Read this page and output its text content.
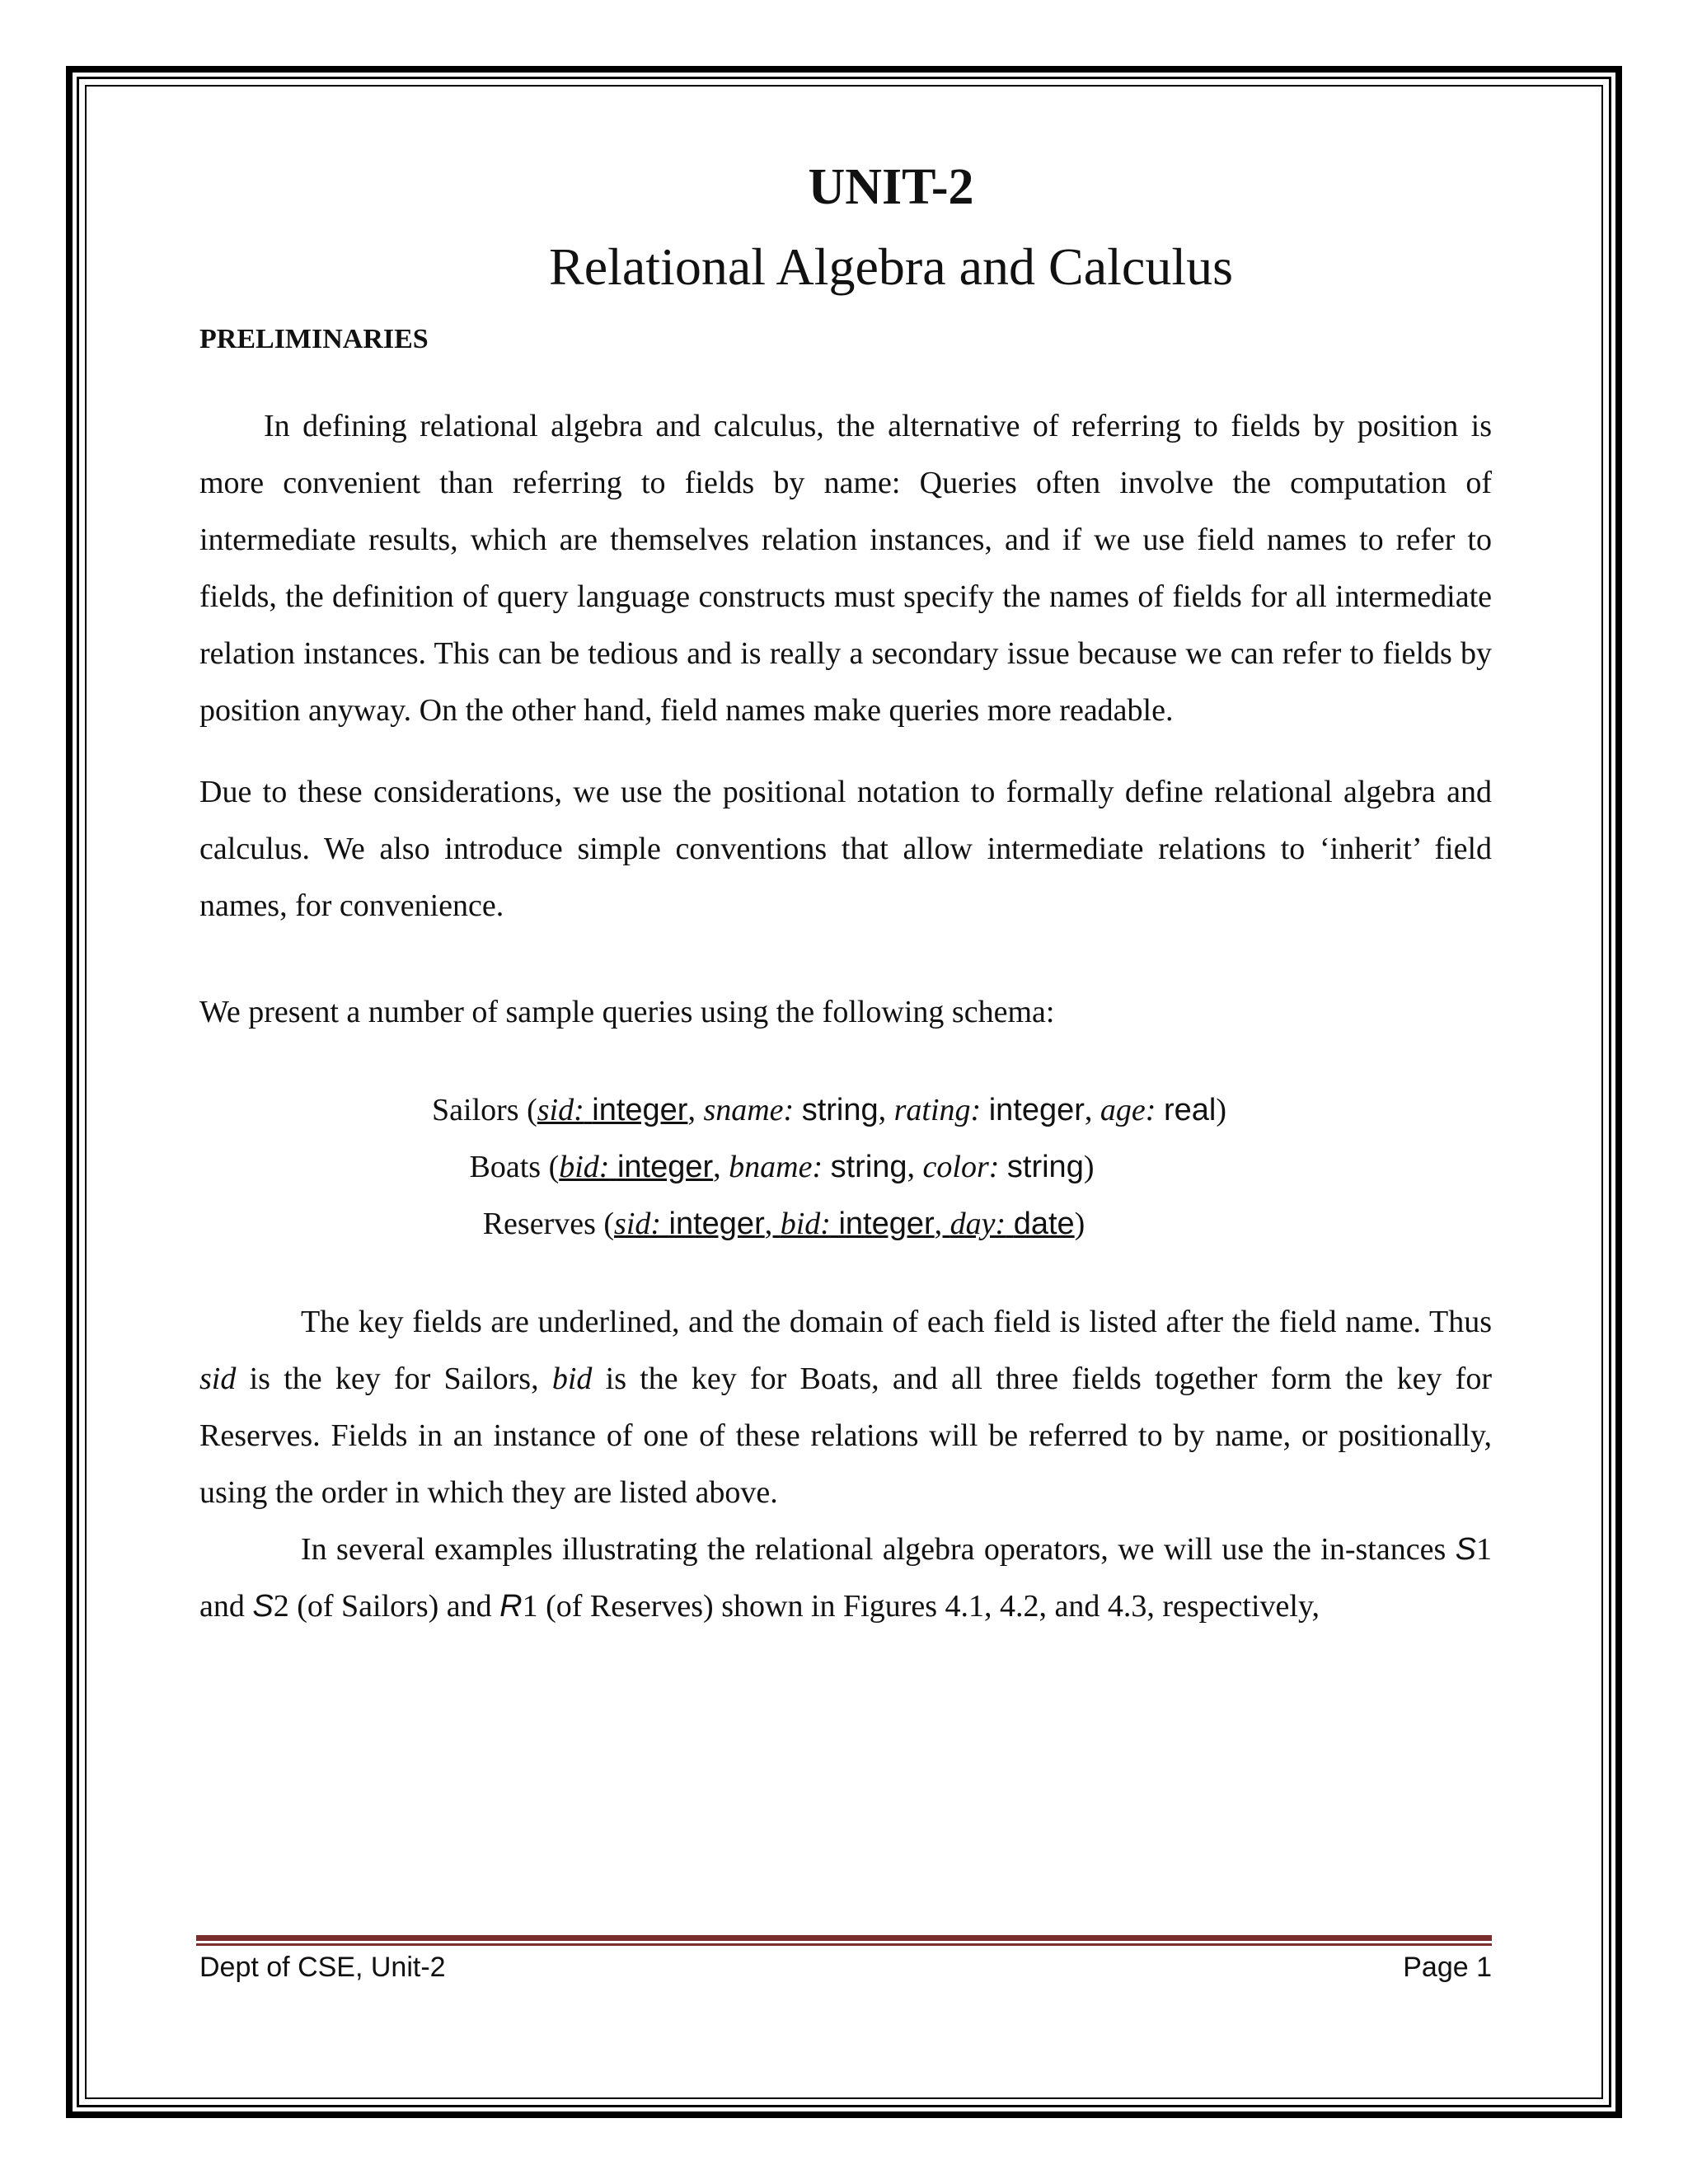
UNIT-2
Relational Algebra and Calculus
PRELIMINARIES

In defining relational algebra and calculus, the alternative of referring to fields by position is more convenient than referring to fields by name: Queries often involve the computation of intermediate results, which are themselves relation instances, and if we use field names to refer to fields, the definition of query language constructs must specify the names of fields for all intermediate relation instances. This can be tedious and is really a secondary issue because we can refer to fields by position anyway. On the other hand, field names make queries more readable.

Due to these considerations, we use the positional notation to formally define relational algebra and calculus. We also introduce simple conventions that allow intermediate relations to ‘inherit’ field names, for convenience.

We present a number of sample queries using the following schema:

Sailors (sid: integer, sname: string, rating: integer, age: real)
Boats (bid: integer, bname: string, color: string)
Reserves (sid: integer, bid: integer, day: date)

The key fields are underlined, and the domain of each field is listed after the field name. Thus sid is the key for Sailors, bid is the key for Boats, and all three fields together form the key for Reserves. Fields in an instance of one of these relations will be referred to by name, or positionally, using the order in which they are listed above.

In several examples illustrating the relational algebra operators, we will use the in-stances S1 and S2 (of Sailors) and R1 (of Reserves) shown in Figures 4.1, 4.2, and 4.3, respectively,

Dept of CSE, Unit-2	Page 1
